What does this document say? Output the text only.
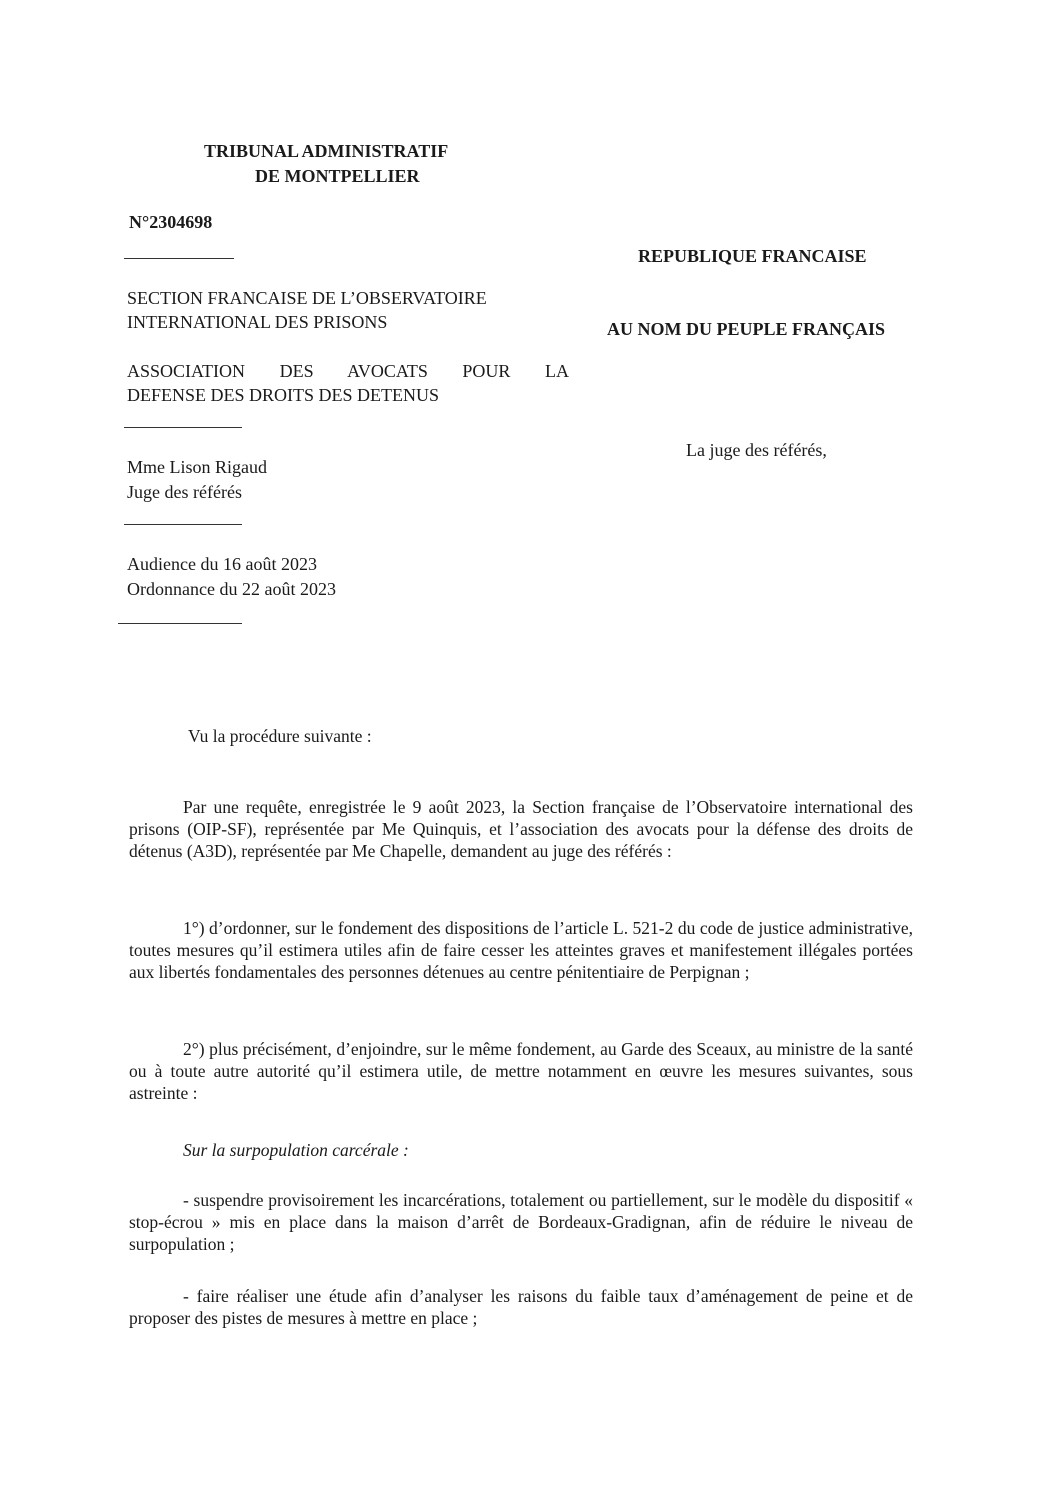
TRIBUNAL ADMINISTRATIF
DE MONTPELLIER
N°2304698
REPUBLIQUE FRANCAISE
AU NOM DU PEUPLE FRANÇAIS
SECTION FRANCAISE DE L’OBSERVATOIRE
INTERNATIONAL DES PRISONS
ASSOCIATION DES AVOCATS POUR LA
DEFENSE DES DROITS DES DETENUS
Mme Lison Rigaud
Juge des référés
La juge des référés,
Audience du 16 août 2023
Ordonnance du 22 août 2023
Vu la procédure suivante :
Par une requête, enregistrée le 9 août 2023, la Section française de l’Observatoire international des prisons (OIP-SF), représentée par Me Quinquis, et l’association des avocats pour la défense des droits de détenus (A3D), représentée par Me Chapelle, demandent au juge des référés :
1°) d’ordonner, sur le fondement des dispositions de l’article L. 521-2 du code de justice administrative, toutes mesures qu’il estimera utiles afin de faire cesser les atteintes graves et manifestement illégales portées aux libertés fondamentales des personnes détenues au centre pénitentiaire de Perpignan ;
2°) plus précisément, d’enjoindre, sur le même fondement, au Garde des Sceaux, au ministre de la santé ou à toute autre autorité qu’il estimera utile, de mettre notamment en œuvre les mesures suivantes, sous astreinte :
Sur la surpopulation carcérale :
- suspendre provisoirement les incarcérations, totalement ou partiellement, sur le modèle du dispositif « stop-écrou » mis en place dans la maison d’arrêt de Bordeaux-Gradignan, afin de réduire le niveau de surpopulation ;
- faire réaliser une étude afin d’analyser les raisons du faible taux d’aménagement de peine et de proposer des pistes de mesures à mettre en place ;
